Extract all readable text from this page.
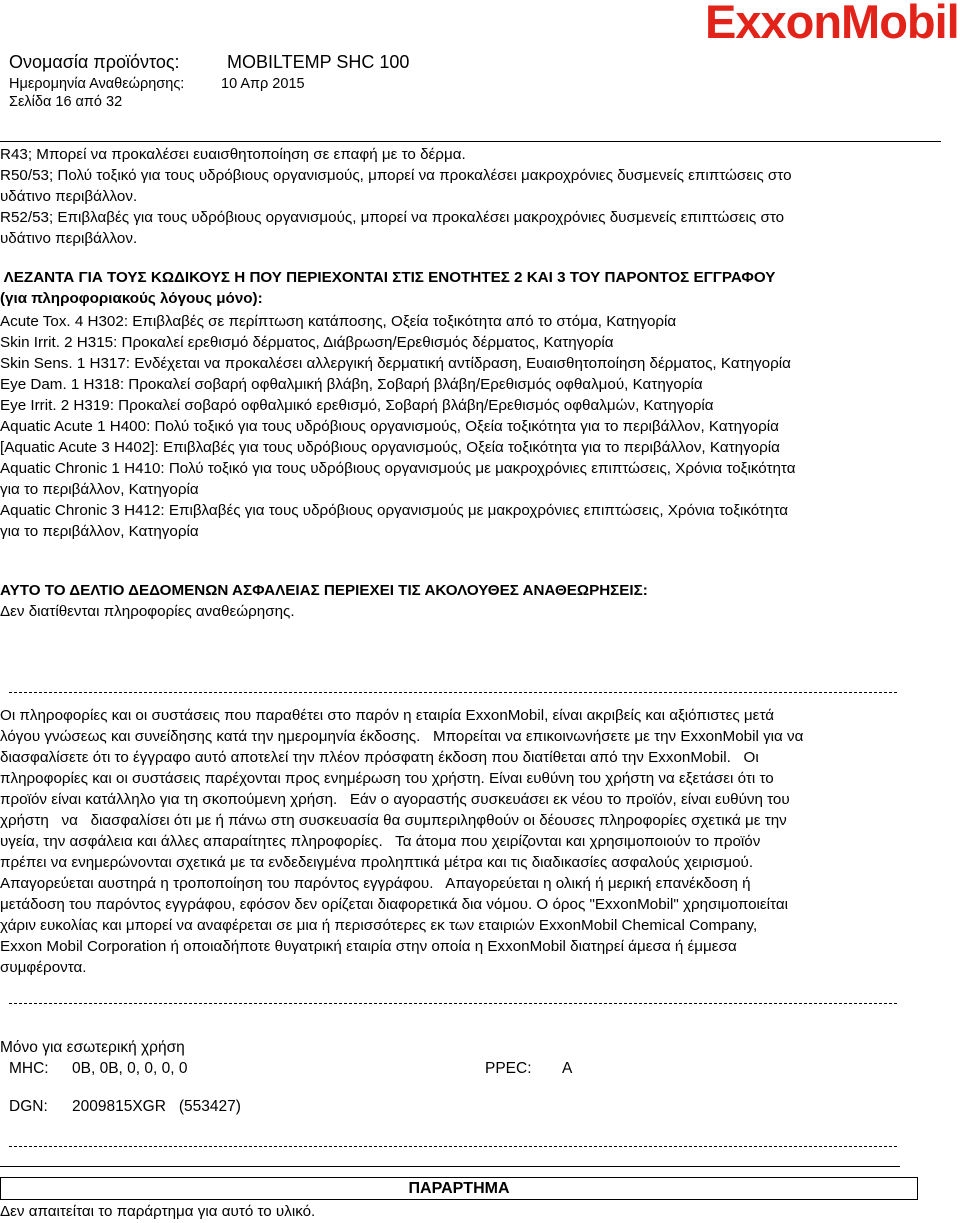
Ονομασία προϊόντος:	MOBILTEMP SHC 100
Ημερομηνία Αναθεώρησης:	10 Απρ 2015
Σελίδα 16 από 32
ExxonMobil
R43; Μπορεί να προκαλέσει ευαισθητοποίηση σε επαφή με το δέρμα.
R50/53; Πολύ τοξικό για τους υδρόβιους οργανισμούς, μπορεί να προκαλέσει μακροχρόνιες δυσμενείς επιπτώσεις στο
υδάτινο περιβάλλον.
R52/53; Επιβλαβές για τους υδρόβιους οργανισμούς, μπορεί να προκαλέσει μακροχρόνιες δυσμενείς επιπτώσεις στο
υδάτινο περιβάλλον.
ΛΕΖΑΝΤΑ ΓΙΑ ΤΟΥΣ ΚΩΔΙΚΟΥΣ Η ΠΟΥ ΠΕΡΙΕΧΟΝΤΑΙ ΣΤΙΣ ΕΝΟΤΗΤΕΣ 2 ΚΑΙ 3 ΤΟΥ ΠΑΡΟΝΤΟΣ ΕΓΓΡΑΦΟΥ
(για πληροφοριακούς λόγους μόνο):
Acute Tox. 4 H302: Επιβλαβές σε περίπτωση κατάποσης, Οξεία τοξικότητα από το στόμα, Κατηγορία
Skin Irrit. 2 H315: Προκαλεί ερεθισμό δέρματος, Διάβρωση/Ερεθισμός δέρματος, Κατηγορία
Skin Sens. 1 H317: Ενδέχεται να προκαλέσει αλλεργική δερματική αντίδραση, Ευαισθητοποίηση δέρματος, Κατηγορία
Eye Dam. 1 H318: Προκαλεί σοβαρή οφθαλμική βλάβη, Σοβαρή βλάβη/Ερεθισμός οφθαλμού, Κατηγορία
Eye Irrit. 2 H319: Προκαλεί σοβαρό οφθαλμικό ερεθισμό, Σοβαρή βλάβη/Ερεθισμός οφθαλμών, Κατηγορία
Aquatic Acute 1 H400: Πολύ τοξικό για τους υδρόβιους οργανισμούς, Οξεία τοξικότητα για το περιβάλλον, Κατηγορία
[Aquatic Acute 3 H402]: Επιβλαβές για τους υδρόβιους οργανισμούς, Οξεία τοξικότητα για το περιβάλλον, Κατηγορία
Aquatic Chronic 1 H410: Πολύ τοξικό για τους υδρόβιους οργανισμούς με μακροχρόνιες επιπτώσεις, Χρόνια τοξικότητα
για το περιβάλλον, Κατηγορία
Aquatic Chronic 3 H412: Επιβλαβές για τους υδρόβιους οργανισμούς με μακροχρόνιες επιπτώσεις, Χρόνια τοξικότητα
για το περιβάλλον, Κατηγορία
ΑΥΤΟ ΤΟ ΔΕΛΤΙΟ ΔΕΔΟΜΕΝΩΝ ΑΣΦΑΛΕΙΑΣ ΠΕΡΙΕΧΕΙ ΤΙΣ ΑΚΟΛΟΥΘΕΣ ΑΝΑΘΕΩΡΗΣΕΙΣ:
Δεν διατίθενται πληροφορίες αναθεώρησης.
Οι πληροφορίες και οι συστάσεις που παραθέτει στο παρόν η εταιρία ExxonMobil, είναι ακριβείς και αξιόπιστες μετά
λόγου γνώσεως και συνείδησης κατά την ημερομηνία έκδοσης.   Μπορείται να επικοινωνήσετε με την ExxonMobil για να
διασφαλίσετε ότι το έγγραφο αυτό αποτελεί την πλέον πρόσφατη έκδοση που διατίθεται από την ExxonMobil.   Οι
πληροφορίες και οι συστάσεις παρέχονται προς ενημέρωση του χρήστη. Είναι ευθύνη του χρήστη να εξετάσει ότι το
προϊόν είναι κατάλληλο για τη σκοπούμενη χρήση.   Εάν ο αγοραστής συσκευάσει εκ νέου το προϊόν, είναι ευθύνη του
χρήστη   να   διασφαλίσει ότι με ή πάνω στη συσκευασία θα συμπεριληφθούν οι δέουσες πληροφορίες σχετικά με την
υγεία, την ασφάλεια και άλλες απαραίτητες πληροφορίες.   Τα άτομα που χειρίζονται και χρησιμοποιούν το προϊόν
πρέπει να ενημερώνονται σχετικά με τα ενδεδειγμένα προληπτικά μέτρα και τις διαδικασίες ασφαλούς χειρισμού.
Απαγορεύεται αυστηρά η τροποποίηση του παρόντος εγγράφου.   Απαγορεύεται η ολική ή μερική επανέκδοση ή
μετάδοση του παρόντος εγγράφου, εφόσον δεν ορίζεται διαφορετικά δια νόμου. Ο όρος "ExxonMobil" χρησιμοποιείται
χάριν ευκολίας και μπορεί να αναφέρεται σε μια ή περισσότερες εκ των εταιριών ExxonMobil Chemical Company,
Exxon Mobil Corporation ή οποιαδήποτε θυγατρική εταιρία στην οποία η ExxonMobil διατηρεί άμεσα ή έμμεσα
συμφέροντα.
Μόνο για εσωτερική χρήση
MHC: 0B, 0B, 0, 0, 0, 0	PPEC: A
DGN: 2009815XGR   (553427)
ΠΑΡΑΡΤΗΜΑ
Δεν απαιτείται το παράρτημα για αυτό το υλικό.
